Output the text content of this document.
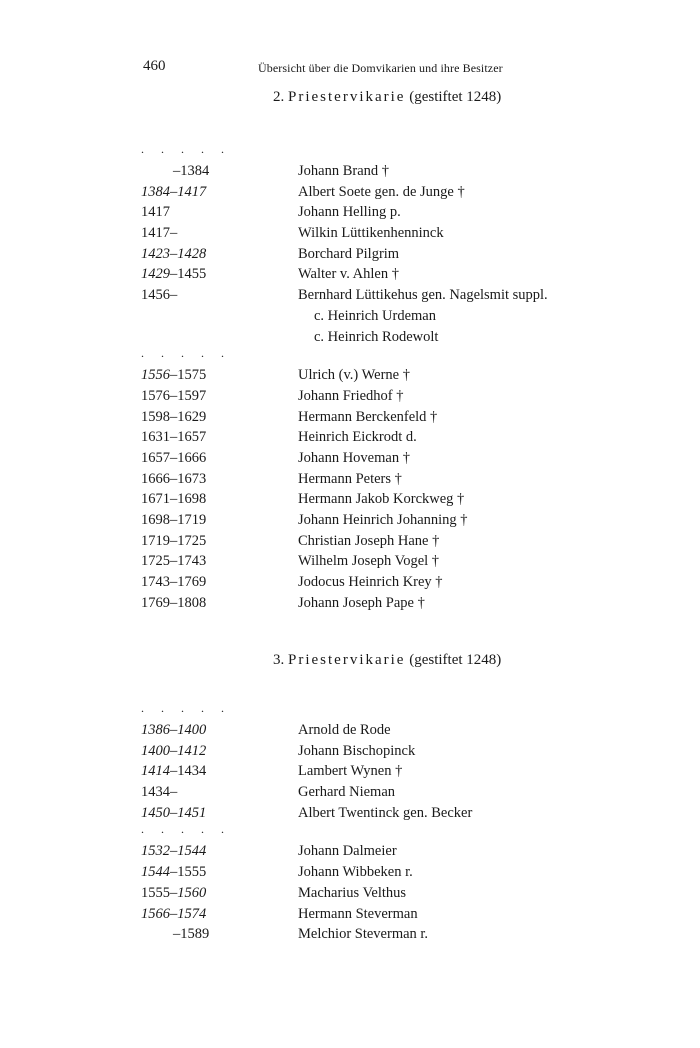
460	Übersicht über die Domvikarien und ihre Besitzer
2. Priestervikarie (gestiftet 1248)
. . . . .
–1384	Johann Brand †
1384–1417	Albert Soete gen. de Junge †
1417	Johann Helling p.
1417–	Wilkin Lüttikenhenninck
1423–1428	Borchard Pilgrim
1429–1455	Walter v. Ahlen †
1456–	Bernhard Lüttikehus gen. Nagelsmit suppl.
c. Heinrich Urdeman
c. Heinrich Rodewolt
. . . . .
1556–1575	Ulrich (v.) Werne †
1576–1597	Johann Friedhof †
1598–1629	Hermann Berckenfeld †
1631–1657	Heinrich Eickrodt d.
1657–1666	Johann Hoveman †
1666–1673	Hermann Peters †
1671–1698	Hermann Jakob Korckweg †
1698–1719	Johann Heinrich Johanning †
1719–1725	Christian Joseph Hane †
1725–1743	Wilhelm Joseph Vogel †
1743–1769	Jodocus Heinrich Krey †
1769–1808	Johann Joseph Pape †
3. Priestervikarie (gestiftet 1248)
. . . . .
1386–1400	Arnold de Rode
1400–1412	Johann Bischopinck
1414–1434	Lambert Wynen †
1434–	Gerhard Nieman
1450–1451	Albert Twentinck gen. Becker
. . . . .
1532–1544	Johann Dalmeier
1544–1555	Johann Wibbeken r.
1555–1560	Macharius Velthus
1566–1574	Hermann Steverman
–1589	Melchior Steverman r.
